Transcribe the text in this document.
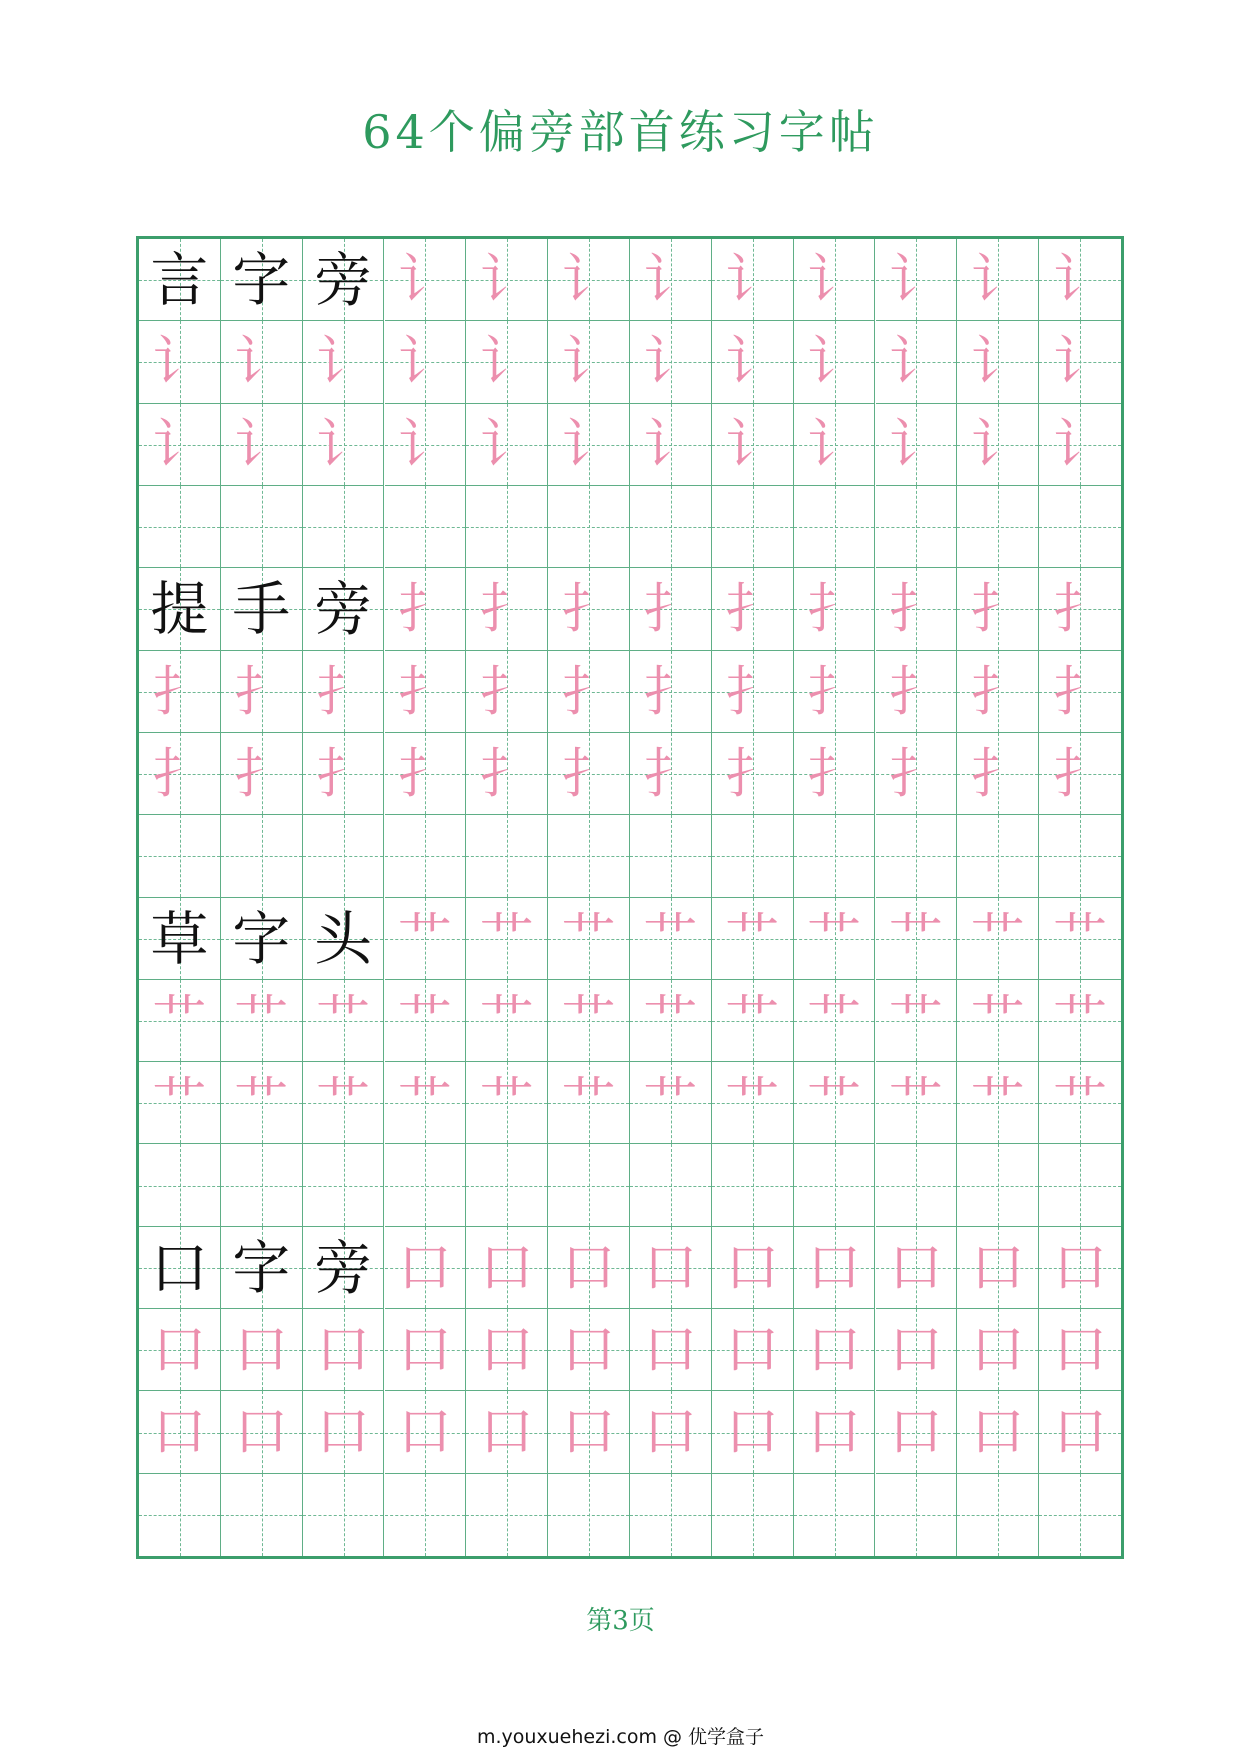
64个偏旁部首练习字帖
言 字 旁 讠 讠 讠 讠 讠 讠 讠 讠 讠
讠 讠 讠 讠 讠 讠 讠 讠 讠 讠 讠 讠
讠 讠 讠 讠 讠 讠 讠 讠 讠 讠 讠 讠
提 手 旁 扌 扌 扌 扌 扌 扌 扌 扌 扌
扌 扌 扌 扌 扌 扌 扌 扌 扌 扌 扌 扌
扌 扌 扌 扌 扌 扌 扌 扌 扌 扌 扌 扌
草 字 头 艹 艹 艹 艹 艹 艹 艹 艹 艹
艹 艹 艹 艹 艹 艹 艹 艹 艹 艹 艹 艹
艹 艹 艹 艹 艹 艹 艹 艹 艹 艹 艹 艹
口 字 旁 口 口 口 口 口 口 口 口 口
口 口 口 口 口 口 口 口 口 口 口 口
口 口 口 口 口 口 口 口 口 口 口 口
第3页
m.youxuehezi.com @ 优学盒子
